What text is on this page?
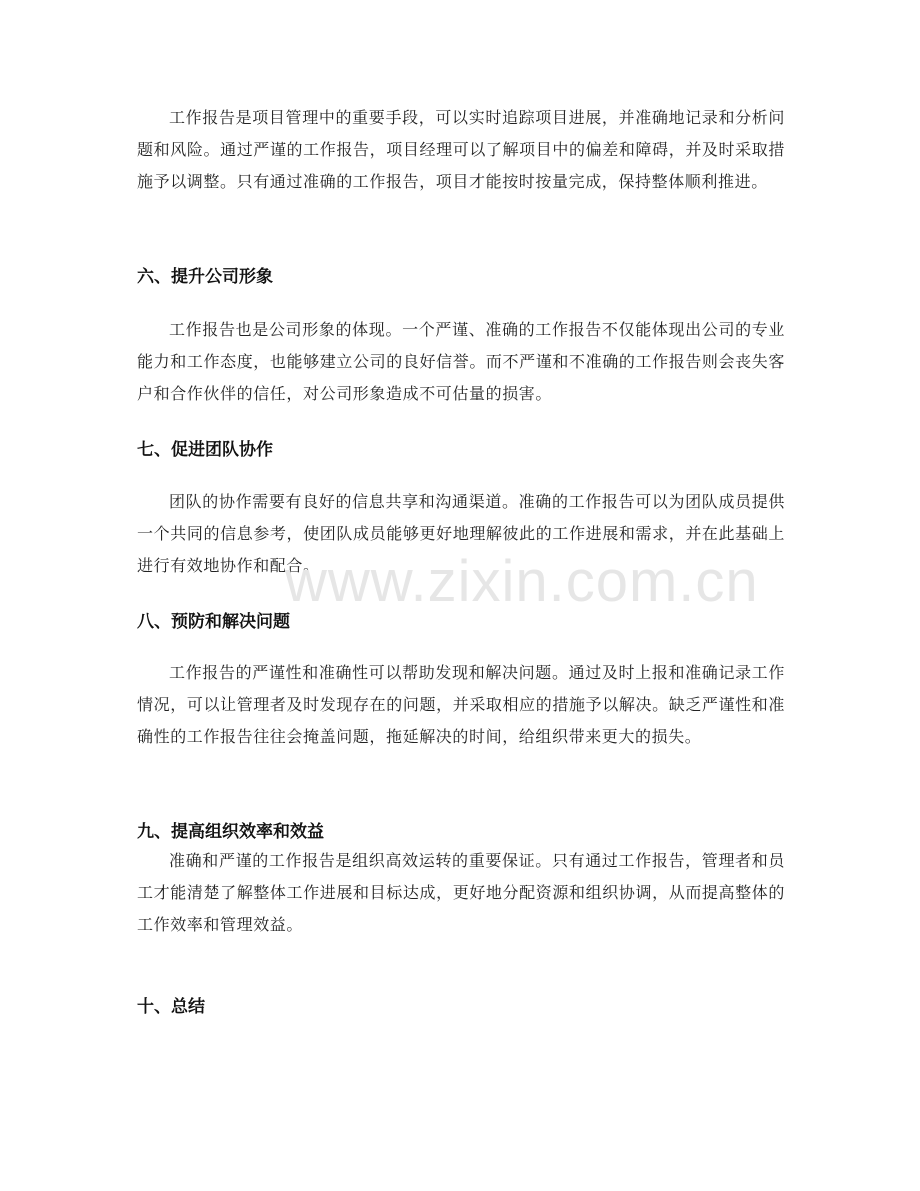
工作报告是项目管理中的重要手段，可以实时追踪项目进展，并准确地记录和分析问题和风险。通过严谨的工作报告，项目经理可以了解项目中的偏差和障碍，并及时采取措施予以调整。只有通过准确的工作报告，项目才能按时按量完成，保持整体顺利推进。

六、提升公司形象

工作报告也是公司形象的体现。一个严谨、准确的工作报告不仅能体现出公司的专业能力和工作态度，也能够建立公司的良好信誉。而不严谨和不准确的工作报告则会丧失客户和合作伙伴的信任，对公司形象造成不可估量的损害。

七、促进团队协作

团队的协作需要有良好的信息共享和沟通渠道。准确的工作报告可以为团队成员提供一个共同的信息参考，使团队成员能够更好地理解彼此的工作进展和需求，并在此基础上进行有效地协作和配合。

八、预防和解决问题

工作报告的严谨性和准确性可以帮助发现和解决问题。通过及时上报和准确记录工作情况，可以让管理者及时发现存在的问题，并采取相应的措施予以解决。缺乏严谨性和准确性的工作报告往往会掩盖问题，拖延解决的时间，给组织带来更大的损失。

九、提高组织效率和效益

准确和严谨的工作报告是组织高效运转的重要保证。只有通过工作报告，管理者和员工才能清楚了解整体工作进展和目标达成，更好地分配资源和组织协调，从而提高整体的工作效率和管理效益。

十、总结
www.zixin.com.cn
